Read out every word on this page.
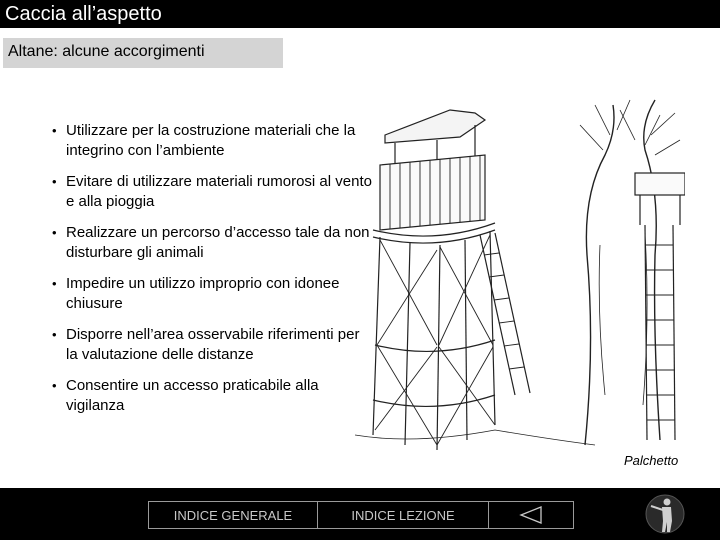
Caccia all’aspetto
Altane: alcune accorgimenti
• Utilizzare per la costruzione materiali che la integrino con l’ambiente
• Evitare di utilizzare materiali rumorosi al vento e alla pioggia
• Realizzare un percorso d’accesso tale da non disturbare gli animali
• Impedire un utilizzo improprio con idonee chiusure
• Disporre nell’area osservabile riferimenti per la valutazione delle distanze
• Consentire un accesso praticabile alla vigilanza
Palchetto
INDICE GENERALE	INDICE LEZIONE
